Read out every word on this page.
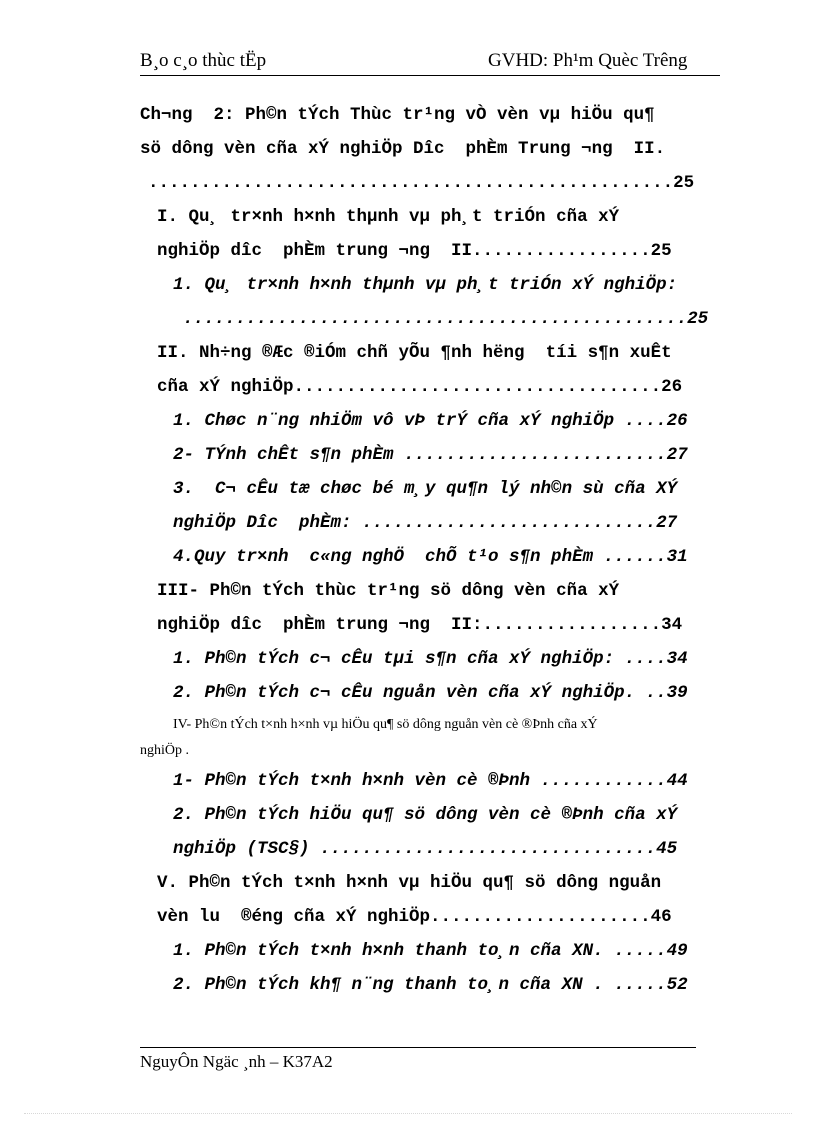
B¸o c¸o thùc tËp	GVHD: Ph¹m Quèc Trêng
Ch¬ng  2: Ph©n tÝch Thùc tr¹ng vÒ vèn vµ hiÖu qu¶
sö dông vèn cña xÝ nghiÖp Dîc  phÈm Trung ¬ng  II.
..................................................25
I. Qu¸ tr×nh h×nh thµnh vµ ph¸t triÓn cña xÝ
nghiÖp dîc  phÈm trung ¬ng  II.................25
1. Qu¸ tr×nh h×nh thµnh vµ ph¸t triÓn xÝ nghiÖp:
................................................25
II. Nh÷ng ®Æc ®iÓm chñ yÕu ¶nh hëng  tíi s¶n xuÊt
cña xÝ nghiÖp...................................26
1. Chøc n¨ng nhiÖm vô vÞ trÝ cña xÝ nghiÖp ....26
2- TÝnh chÊt s¶n phÈm .........................27
3.  C¬ cÊu tæ chøc bé m¸y qu¶n lý nh©n sù cña XÝ
nghiÖp Dîc  phÈm: ............................27
4.Quy tr×nh  c«ng nghÖ  chÕ t¹o s¶n phÈm ......31
III- Ph©n tÝch thùc tr¹ng sö dông vèn cña xÝ
nghiÖp dîc  phÈm trung ¬ng  II:.................34
1. Ph©n tÝch c¬ cÊu tµi s¶n cña xÝ nghiÖp: ....34
2. Ph©n tÝch c¬ cÊu nguån vèn cña xÝ nghiÖp. ..39
IV- Ph©n tÝch t×nh h×nh vµ hiÖu qu¶ sö dông nguån vèn cè ®Þnh cña xÝ
nghiÖp .
1- Ph©n tÝch t×nh h×nh vèn cè ®Þnh ............44
2. Ph©n tÝch hiÖu qu¶ sö dông vèn cè ®Þnh cña xÝ
nghiÖp (TSC§) ................................45
V. Ph©n tÝch t×nh h×nh vµ hiÖu qu¶ sö dông nguån
vèn lu  ®éng cña xÝ nghiÖp.....................46
1. Ph©n tÝch t×nh h×nh thanh to¸n cña XN. .....49
2. Ph©n tÝch kh¶ n¨ng thanh to¸n cña XN . .....52
NguyÔn Ngäc ¸nh – K37A2
